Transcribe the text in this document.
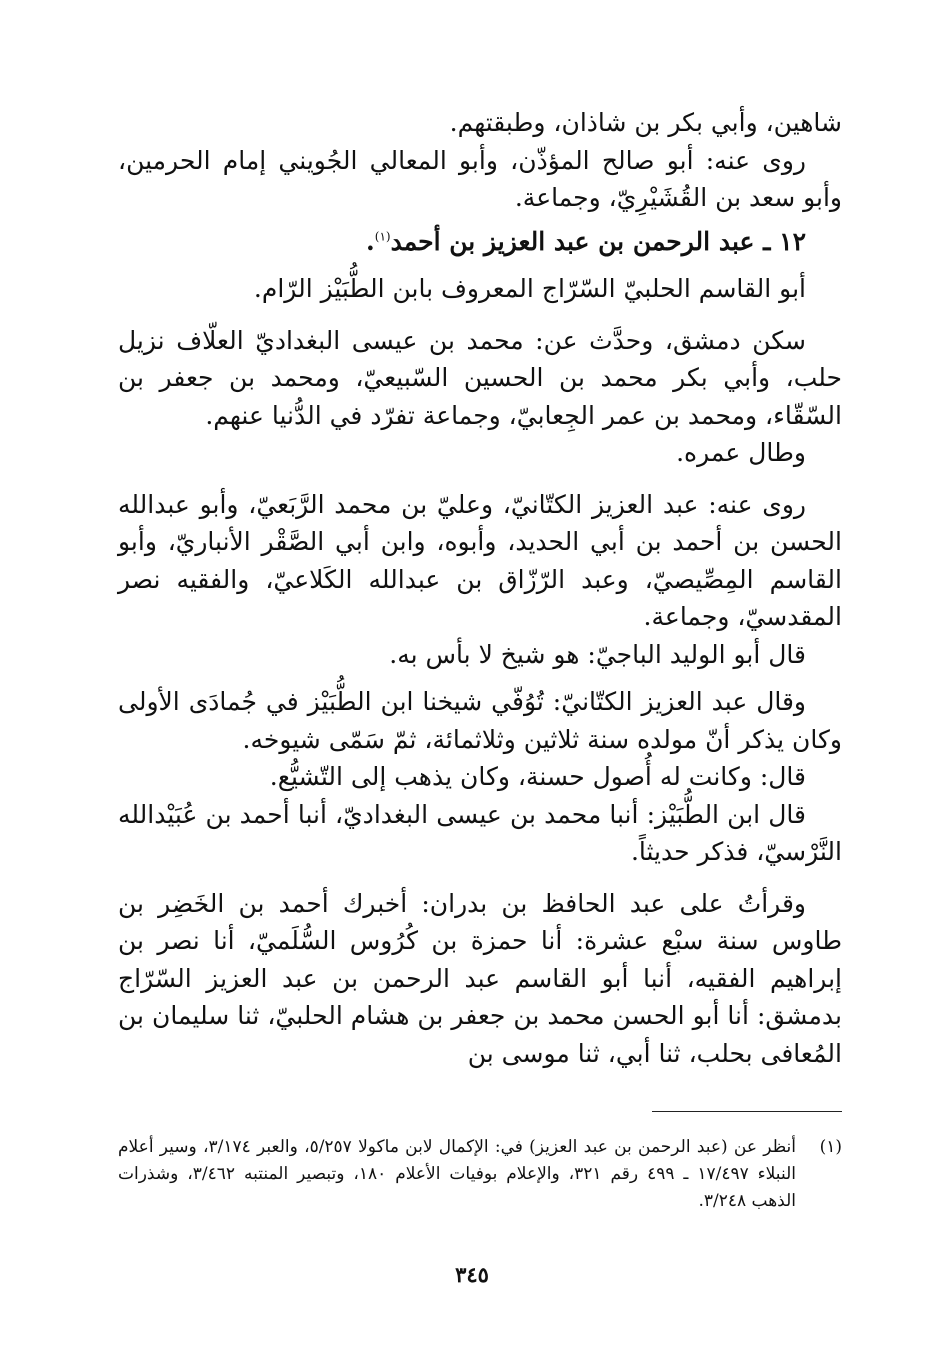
شاهين، وأبي بكر بن شاذان، وطبقتهم.

روى عنه: أبو صالح المؤذّن، وأبو المعالي الجُويني إمام الحرمين، وأبو سعد بن القُشَيْرِيّ، وجماعة.

١٢ ـ عبد الرحمن بن عبد العزيز بن أحمد$^{(١)}$.

أبو القاسم الحلبيّ السّرّاج المعروف بابن الطُّبَيْز الرّام.

سكن دمشق، وحدَّث عن: محمد بن عيسى البغداديّ العلّاف نزيل حلب، وأبي بكر محمد بن الحسين السّبيعيّ، ومحمد بن جعفر بن السّقّاء، ومحمد بن عمر الجِعابيّ، وجماعة تفرّد في الدُّنيا عنهم.

وطال عمره.

روى عنه: عبد العزيز الكتّانيّ، وعليّ بن محمد الرَّبَعيّ، وأبو عبدالله الحسن بن أحمد بن أبي الحديد، وأبوه، وابن أبي الصَّقْر الأنباريّ، وأبو القاسم المِصِّيصيّ، وعبد الرّزّاق بن عبدالله الكَلاعيّ، والفقيه نصر المقدسيّ، وجماعة.

قال أبو الوليد الباجيّ: هو شيخ لا بأس به.

وقال عبد العزيز الكتّانيّ: تُوُفّي شيخنا ابن الطُّبَيْز في جُمادَى الأولى وكان يذكر أنّ مولده سنة ثلاثين وثلاثمائة، ثمّ سَمّى شيوخه.

قال: وكانت له أُصول حسنة، وكان يذهب إلى التّشيُّع.

قال ابن الطُّبَيْز: أنبا محمد بن عيسى البغداديّ، أنبا أحمد بن عُبَيْدالله النَّرْسيّ، فذكر حديثاً.

وقرأتُ على عبد الحافظ بن بدران: أخبرك أحمد بن الخَضِر بن طاوس سنة سبْع عشرة: أنا حمزة بن كُرُوس السُّلَميّ، أنا نصر بن إبراهيم الفقيه، أنبا أبو القاسم عبد الرحمن بن عبد العزيز السّرّاج بدمشق: أنا أبو الحسن محمد بن جعفر بن هشام الحلبيّ، ثنا سليمان بن المُعافى بحلب، ثنا أبي، ثنا موسى بن

(١)
أنظر عن (عبد الرحمن بن عبد العزيز) في: الإكمال لابن ماكولا ٥/٢٥٧، والعبر ٣/١٧٤، وسير أعلام النبلاء ١٧/٤٩٧ ـ ٤٩٩ رقم ٣٢١، والإعلام بوفيات الأعلام ١٨٠، وتبصير المنتبه ٣/٤٦٢، وشذرات الذهب ٣/٢٤٨.
٣٤٥
